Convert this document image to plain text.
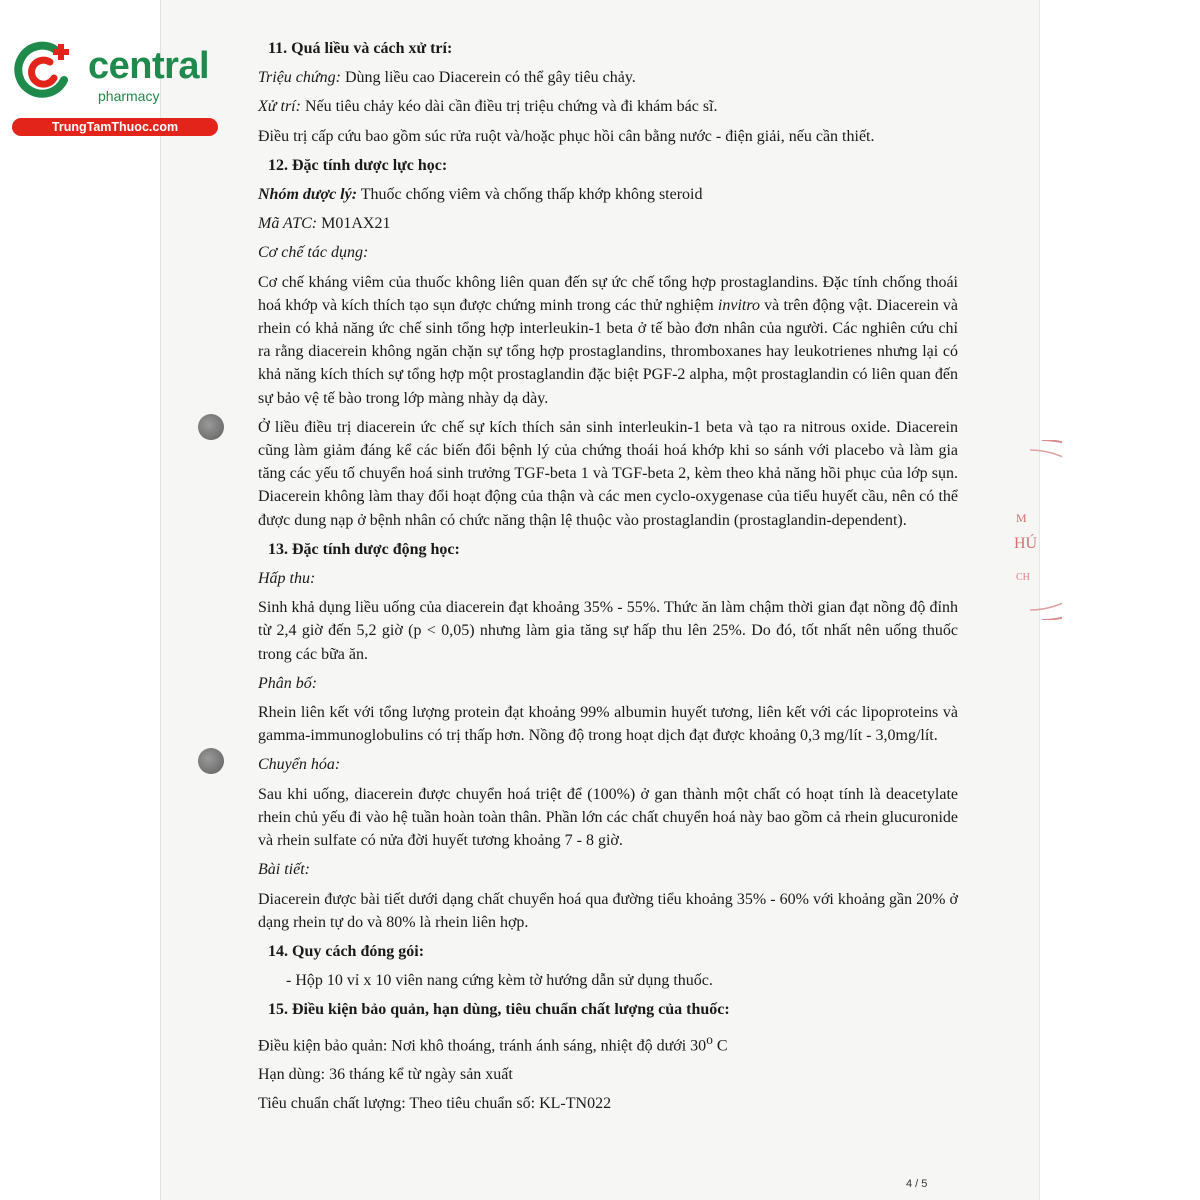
central
pharmacy
TrungTamThuoc.com

11. Quá liều và cách xử trí:

Triệu chứng: Dùng liều cao Diacerein có thể gây tiêu chảy.

Xử trí: Nếu tiêu chảy kéo dài cần điều trị triệu chứng và đi khám bác sĩ.

Điều trị cấp cứu bao gồm súc rửa ruột và/hoặc phục hồi cân bằng nước - điện giải, nếu cần thiết.

12. Đặc tính dược lực học:

Nhóm dược lý: Thuốc chống viêm và chống thấp khớp không steroid

Mã ATC: M01AX21

Cơ chế tác dụng:

Cơ chế kháng viêm của thuốc không liên quan đến sự ức chế tổng hợp prostaglandins. Đặc tính chống thoái hoá khớp và kích thích tạo sụn được chứng minh trong các thử nghiệm invitro và trên động vật. Diacerein và rhein có khả năng ức chế sinh tổng hợp interleukin-1 beta ở tế bào đơn nhân của người. Các nghiên cứu chỉ ra rằng diacerein không ngăn chặn sự tổng hợp prostaglandins, thromboxanes hay leukotrienes nhưng lại có khả năng kích thích sự tổng hợp một prostaglandin đặc biệt PGF-2 alpha, một prostaglandin có liên quan đến sự bảo vệ tế bào trong lớp màng nhày dạ dày.

Ở liều điều trị diacerein ức chế sự kích thích sản sinh interleukin-1 beta và tạo ra nitrous oxide. Diacerein cũng làm giảm đáng kể các biến đổi bệnh lý của chứng thoái hoá khớp khi so sánh với placebo và làm gia tăng các yếu tố chuyển hoá sinh trưởng TGF-beta 1 và TGF-beta 2, kèm theo khả năng hồi phục của lớp sụn. Diacerein không làm thay đổi hoạt động của thận và các men cyclo-oxygenase của tiểu huyết cầu, nên có thể được dung nạp ở bệnh nhân có chức năng thận lệ thuộc vào prostaglandin (prostaglandin-dependent).

13. Đặc tính dược động học:

Hấp thu:

Sinh khả dụng liều uống của diacerein đạt khoảng 35% - 55%. Thức ăn làm chậm thời gian đạt nồng độ đỉnh từ 2,4 giờ đến 5,2 giờ (p < 0,05) nhưng làm gia tăng sự hấp thu lên 25%. Do đó, tốt nhất nên uống thuốc trong các bữa ăn.

Phân bố:

Rhein liên kết với tổng lượng protein đạt khoảng 99% albumin huyết tương, liên kết với các lipoproteins và gamma-immunoglobulins có trị thấp hơn. Nồng độ trong hoạt dịch đạt được khoảng 0,3 mg/lít - 3,0mg/lít.

Chuyển hóa:

Sau khi uống, diacerein được chuyển hoá triệt để (100%) ở gan thành một chất có hoạt tính là deacetylate rhein chủ yếu đi vào hệ tuần hoàn toàn thân. Phần lớn các chất chuyển hoá này bao gồm cả rhein glucuronide và rhein sulfate có nửa đời huyết tương khoảng 7 - 8 giờ.

Bài tiết:

Diacerein được bài tiết dưới dạng chất chuyển hoá qua đường tiểu khoảng 35% - 60% với khoảng gần 20% ở dạng rhein tự do và 80% là rhein liên hợp.

14. Quy cách đóng gói:

- Hộp 10 vỉ x 10 viên nang cứng kèm tờ hướng dẫn sử dụng thuốc.

15. Điều kiện bảo quản, hạn dùng, tiêu chuẩn chất lượng của thuốc:

Điều kiện bảo quản: Nơi khô thoáng, tránh ánh sáng, nhiệt độ dưới 30$^o$ C

Hạn dùng: 36 tháng kể từ ngày sản xuất

Tiêu chuẩn chất lượng: Theo tiêu chuẩn số: KL-TN022

M
HÚ
CH
4 / 5
